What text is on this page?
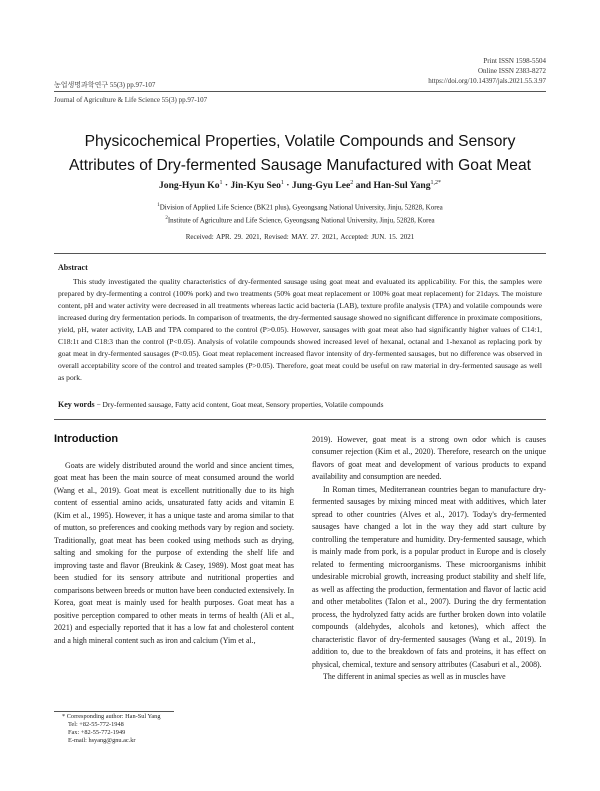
Print ISSN 1598-5504
Online ISSN 2383-8272
https://doi.org/10.14397/jals.2021.55.3.97
농업생명과학연구 55(3) pp.97-107
Journal of Agriculture & Life Science 55(3) pp.97-107
Physicochemical Properties, Volatile Compounds and Sensory
Attributes of Dry-fermented Sausage Manufactured with Goat Meat
Jong-Hyun $Ko^1 \cdot Jin-Kyu$ Seo$^1$ · Jung-Gyu Lee$^2$ and Han-Sul Yang$^{1,2*}$
$^1$Division of Applied Life Science (BK21 plus), Gyeongsang National University, Jinju, 52828, Korea
$^2$Institute of Agriculture and Life Science, Gyeongsang National University, Jinju, 52828, Korea
Received: APR. 29. 2021, Revised: MAY. 27. 2021, Accepted: JUN. 15. 2021
Abstract
This study investigated the quality characteristics of dry-fermented sausage using goat meat and evaluated its applicability. For this, the samples were prepared by dry-fermenting a control (100% pork) and two treatments (50% goat meat replacement or 100% goat meat replacement) for 21days. The moisture content, pH and water activity were decreased in all treatments whereas lactic acid bacteria (LAB), texture profile analysis (TPA) and volatile compounds were increased during dry fermentation periods. In comparison of treatments, the dry-fermented sausage showed no significant difference in proximate compositions, yield, pH, water activity, LAB and TPA compared to the control (P>0.05). However, sausages with goat meat also had significantly higher values of C14:1, C18:1t and C18:3 than the control (P<0.05). Analysis of volatile compounds showed increased level of hexanal, octanal and 1-hexanol as replacing pork by goat meat in dry-fermented sausages (P<0.05). Goat meat replacement increased flavor intensity of dry-fermented sausages, but no difference was observed in overall acceptability score of the control and treated samples (P>0.05). Therefore, goat meat could be useful on raw material in dry-fermented sausage as well as pork.
Key words − Dry-fermented sausage, Fatty acid content, Goat meat, Sensory properties, Volatile compounds
Introduction

Goats are widely distributed around the world and since ancient times, goat meat has been the main source of meat consumed around the world (Wang et al., 2019). Goat meat is excellent nutritionally due to its high content of essential amino acids, unsaturated fatty acids and vitamin E (Kim et al., 1995). However, it has a unique taste and aroma similar to that of mutton, so preferences and cooking methods vary by region and society. Traditionally, goat meat has been cooked using methods such as drying, salting and smoking for the purpose of extending the shelf life and improving taste and flavor (Breukink & Casey, 1989). Most goat meat has been studied for its sensory attribute and nutritional properties and comparisons between breeds or mutton have been conducted extensively. In Korea, goat meat is mainly used for health purposes. Goat meat has a positive perception compared to other meats in terms of health (Ali et al., 2021) and especially reported that it has a low fat and cholesterol content and a high mineral content such as iron and calcium (Yim et al.,

2019). However, goat meat is a strong own odor which is causes consumer rejection (Kim et al., 2020). Therefore, research on the unique flavors of goat meat and development of various products to expand availability and consumption are needed.

In Roman times, Mediterranean countries began to manufacture dry-fermented sausages by mixing minced meat with additives, which later spread to other countries (Alves et al., 2017). Today's dry-fermented sausages have changed a lot in the way they add start culture by controlling the temperature and humidity. Dry-fermented sausage, which is mainly made from pork, is a popular product in Europe and is closely related to fermenting microorganisms. These microorganisms inhibit undesirable microbial growth, increasing product stability and shelf life, as well as affecting the production, fermentation and flavor of lactic acid and other metabolites (Talon et al., 2007). During the dry fermentation process, the hydrolyzed fatty acids are further broken down into volatile compounds (aldehydes, alcohols and ketones), which affect the characteristic flavor of dry-fermented sausages (Wang et al., 2019). In addition to, due to the breakdown of fats and proteins, it has effect on physical, chemical, texture and sensory attributes (Casaburi et al., 2008).

The different in animal species as well as in muscles have

* Corresponding author: Han-Sul Yang
Tel: +82-55-772-1948
Fax: +82-55-772-1949
E-mail: hsyang@gnu.ac.kr
